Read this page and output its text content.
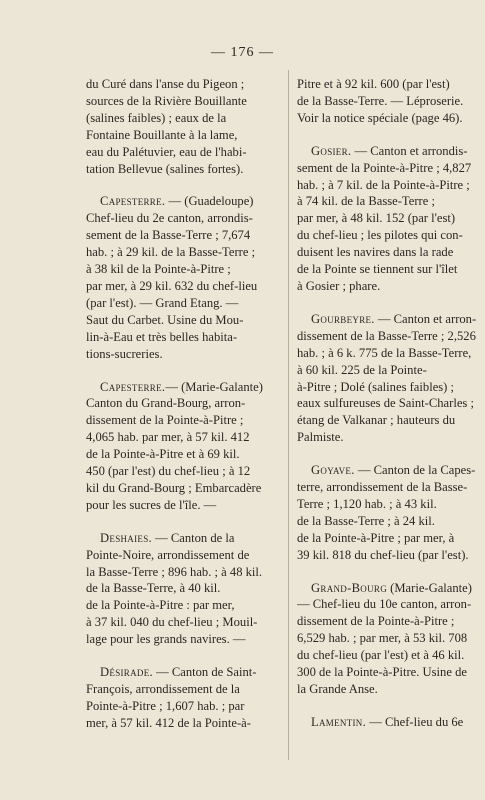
— 176 —
du Curé dans l'anse du Pigeon ;
sources de la Rivière Bouillante
(salines faibles) ; eaux de la
Fontaine Bouillante à la lame,
eau du Palétuvier, eau de l'habi-
tation Bellevue (salines fortes).
Capesterre. — (Guadeloupe)
Chef-lieu du 2e canton, arrondis-
sement de la Basse-Terre ; 7,674
hab. ; à 29 kil. de la Basse-Terre ;
à 38 kil de la Pointe-à-Pitre ;
par mer, à 29 kil. 632 du chef-lieu
(par l'est). — Grand Etang. —
Saut du Carbet. Usine du Mou-
lin-à-Eau et très belles habita-
tions-sucreries.
Capesterre.— (Marie-Galante)
Canton du Grand-Bourg, arron-
dissement de la Pointe-à-Pitre ;
4,065 hab. par mer, à 57 kil. 412
de la Pointe-à-Pitre et à 69 kil.
450 (par l'est) du chef-lieu ; à 12
kil du Grand-Bourg ; Embarcadère
pour les sucres de l'île. —
Deshaies. — Canton de la
Pointe-Noire, arrondissement de
la Basse-Terre ; 896 hab. ; à 48 kil.
de la Basse-Terre, à 40 kil.
de la Pointe-à-Pitre : par mer,
à 37 kil. 040 du chef-lieu ; Mouil-
lage pour les grands navires. —
Désirade. — Canton de Saint-
François, arrondissement de la
Pointe-à-Pitre ; 1,607 hab. ; par
mer, à 57 kil. 412 de la Pointe-à-
Pitre et à 92 kil. 600 (par l'est)
de la Basse-Terre. — Léproserie.
Voir la notice spéciale (page 46).
Gosier. — Canton et arrondis-
sement de la Pointe-à-Pitre ; 4,827
hab. ; à 7 kil. de la Pointe-à-Pitre ;
à 74 kil. de la Basse-Terre ;
par mer, à 48 kil. 152 (par l'est)
du chef-lieu ; les pilotes qui con-
duisent les navires dans la rade
de la Pointe se tiennent sur l'îlet
à Gosier ; phare.
Gourbeyre. — Canton et arron-
dissement de la Basse-Terre ; 2,526
hab. ; à 6 k. 775 de la Basse-Terre,
à 60 kil. 225 de la Pointe-
à-Pitre ; Dolé (salines faibles) ;
eaux sulfureuses de Saint-Charles ;
étang de Valkanar ; hauteurs du
Palmiste.
Goyave. — Canton de la Capes-
terre, arrondissement de la Basse-
Terre ; 1,120 hab. ; à 43 kil.
de la Basse-Terre ; à 24 kil.
de la Pointe-à-Pitre ; par mer, à
39 kil. 818 du chef-lieu (par l'est).
Grand-Bourg (Marie-Galante)
— Chef-lieu du 10e canton, arron-
dissement de la Pointe-à-Pitre ;
6,529 hab. ; par mer, à 53 kil. 708
du chef-lieu (par l'est) et à 46 kil.
300 de la Pointe-à-Pitre. Usine de
la Grande Anse.
Lamentin. — Chef-lieu du 6e
